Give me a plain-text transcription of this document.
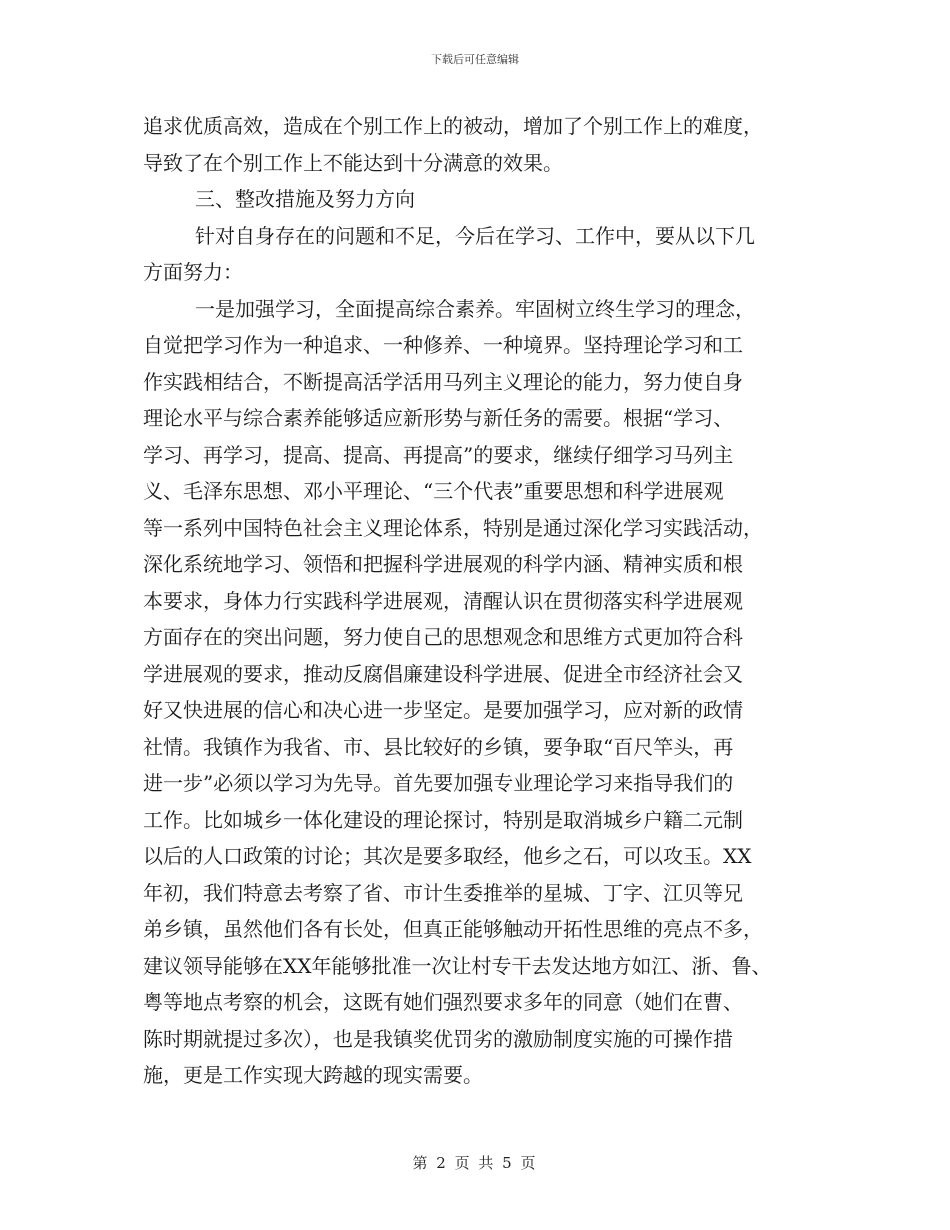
下载后可任意编辑
追求优质高效，造成在个别工作上的被动，增加了个别工作上的难度，
导致了在个别工作上不能达到十分满意的效果。
三、整改措施及努力方向
针对自身存在的问题和不足，今后在学习、工作中，要从以下几
方面努力：
一是加强学习，全面提高综合素养。牢固树立终生学习的理念，
自觉把学习作为一种追求、一种修养、一种境界。坚持理论学习和工
作实践相结合，不断提高活学活用马列主义理论的能力，努力使自身
理论水平与综合素养能够适应新形势与新任务的需要。根据“学习、
学习、再学习，提高、提高、再提高”的要求，继续仔细学习马列主
义、毛泽东思想、邓小平理论、“三个代表”重要思想和科学进展观
等一系列中国特色社会主义理论体系，特别是通过深化学习实践活动，
深化系统地学习、领悟和把握科学进展观的科学内涵、精神实质和根
本要求，身体力行实践科学进展观，清醒认识在贯彻落实科学进展观
方面存在的突出问题，努力使自己的思想观念和思维方式更加符合科
学进展观的要求，推动反腐倡廉建设科学进展、促进全市经济社会又
好又快进展的信心和决心进一步坚定。是要加强学习，应对新的政情
社情。我镇作为我省、市、县比较好的乡镇，要争取“百尺竿头，再
进一步”必须以学习为先导。首先要加强专业理论学习来指导我们的
工作。比如城乡一体化建设的理论探讨，特别是取消城乡户籍二元制
以后的人口政策的讨论；其次是要多取经，他乡之石，可以攻玉。XX
年初，我们特意去考察了省、市计生委推举的星城、丁字、江贝等兄
弟乡镇，虽然他们各有长处，但真正能够触动开拓性思维的亮点不多，
建议领导能够在XX年能够批准一次让村专干去发达地方如江、浙、鲁、
粤等地点考察的机会，这既有她们强烈要求多年的同意（她们在曹、
陈时期就提过多次），也是我镇奖优罚劣的激励制度实施的可操作措
施，更是工作实现大跨越的现实需要。
第 2 页 共 5 页
